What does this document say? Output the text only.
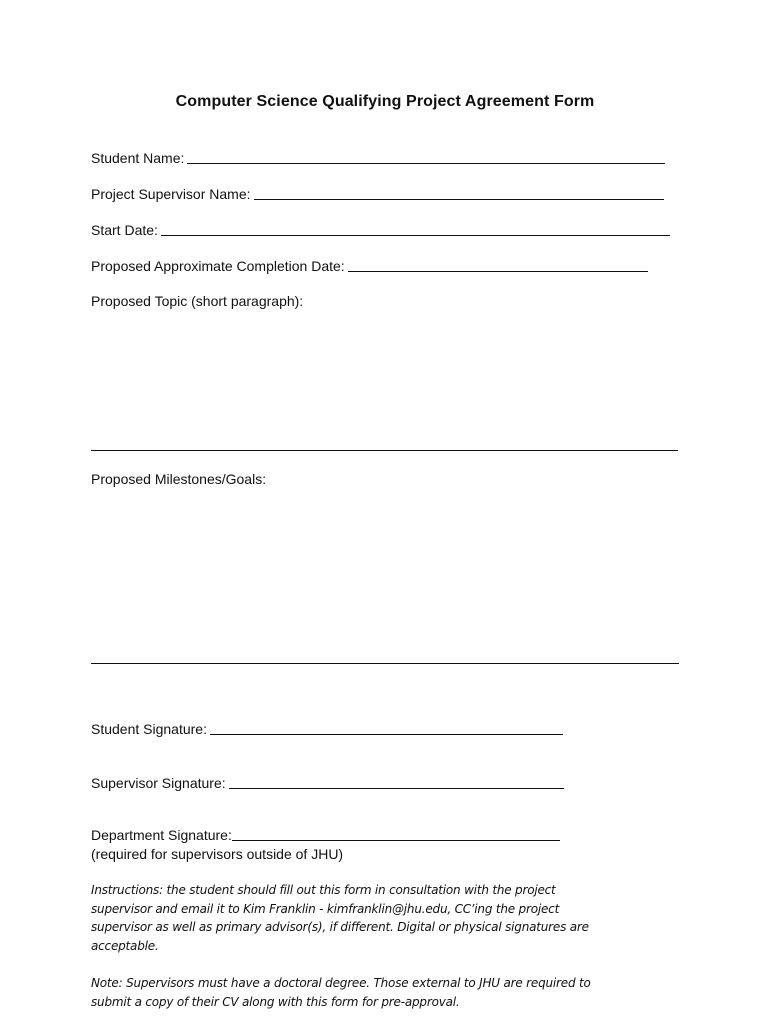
Computer Science Qualifying Project Agreement Form
Student Name:
Project Supervisor Name:
Start Date:
Proposed Approximate Completion Date:
Proposed Topic (short paragraph):
Proposed Milestones/Goals:
Student Signature:
Supervisor Signature:
Department Signature:
(required for supervisors outside of JHU)
Instructions: the student should fill out this form in consultation with the project
supervisor and email it to Kim Franklin - kimfranklin@jhu.edu, CC’ing the project
supervisor as well as primary advisor(s), if different. Digital or physical signatures are
acceptable.
Note: Supervisors must have a doctoral degree. Those external to JHU are required to
submit a copy of their CV along with this form for pre-approval.
